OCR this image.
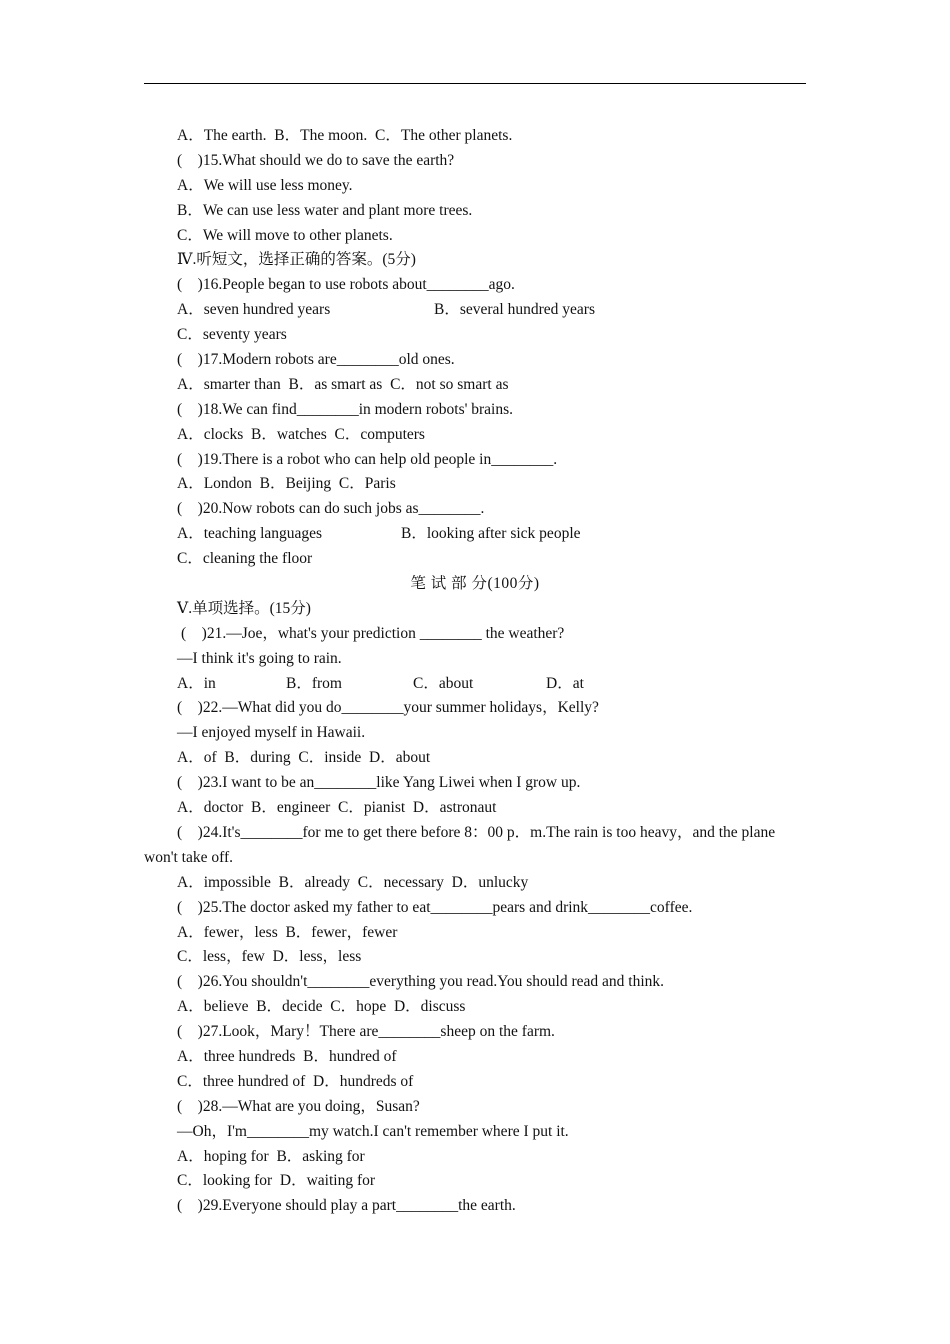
A．The earth.  B．The moon.  C．The other planets.
(　)15.What should we do to save the earth?
A．We will use less money.
B．We can use less water and plant more trees.
C．We will move to other planets.
Ⅳ.听短文，选择正确的答案。(5分)
(　)16.People began to use robots about________ago.
A．seven hundred years	B．several hundred years
C．seventy years
(　)17.Modern robots are________old ones.
A．smarter than  B．as smart as  C．not so smart as
(　)18.We can find________in modern robots' brains.
A．clocks  B．watches  C．computers
(　)19.There is a robot who can help old people in________.
A．London  B．Beijing  C．Paris
(　)20.Now robots can do such jobs as________.
A．teaching languages	B．looking after sick people
C．cleaning the floor
笔 试 部 分(100分)
Ⅴ.单项选择。(15分)
(　)21.—Joe，what's your prediction ________ the weather?
—I think it's going to rain.
A．in	B．from	C．about	D．at
(　)22.—What did you do________your summer holidays，Kelly?
—I enjoyed myself in Hawaii.
A．of  B．during  C．inside  D．about
(　)23.I want to be an________like Yang Liwei when I grow up.
A．doctor  B．engineer  C．pianist  D．astronaut
(　)24.It's________for me to get there before 8：00 p．m.The rain is too heavy，and the plane won't take off.
A．impossible  B．already  C．necessary  D．unlucky
(　)25.The doctor asked my father to eat________pears and drink________coffee.
A．fewer，less  B．fewer，fewer
C．less，few  D．less，less
(　)26.You shouldn't________everything you read.You should read and think.
A．believe  B．decide  C．hope  D．discuss
(　)27.Look，Mary！There are________sheep on the farm.
A．three hundreds  B．hundred of
C．three hundred of  D．hundreds of
(　)28.—What are you doing，Susan?
—Oh，I'm________my watch.I can't remember where I put it.
A．hoping for  B．asking for
C．looking for  D．waiting for
(　)29.Everyone should play a part________the earth.
